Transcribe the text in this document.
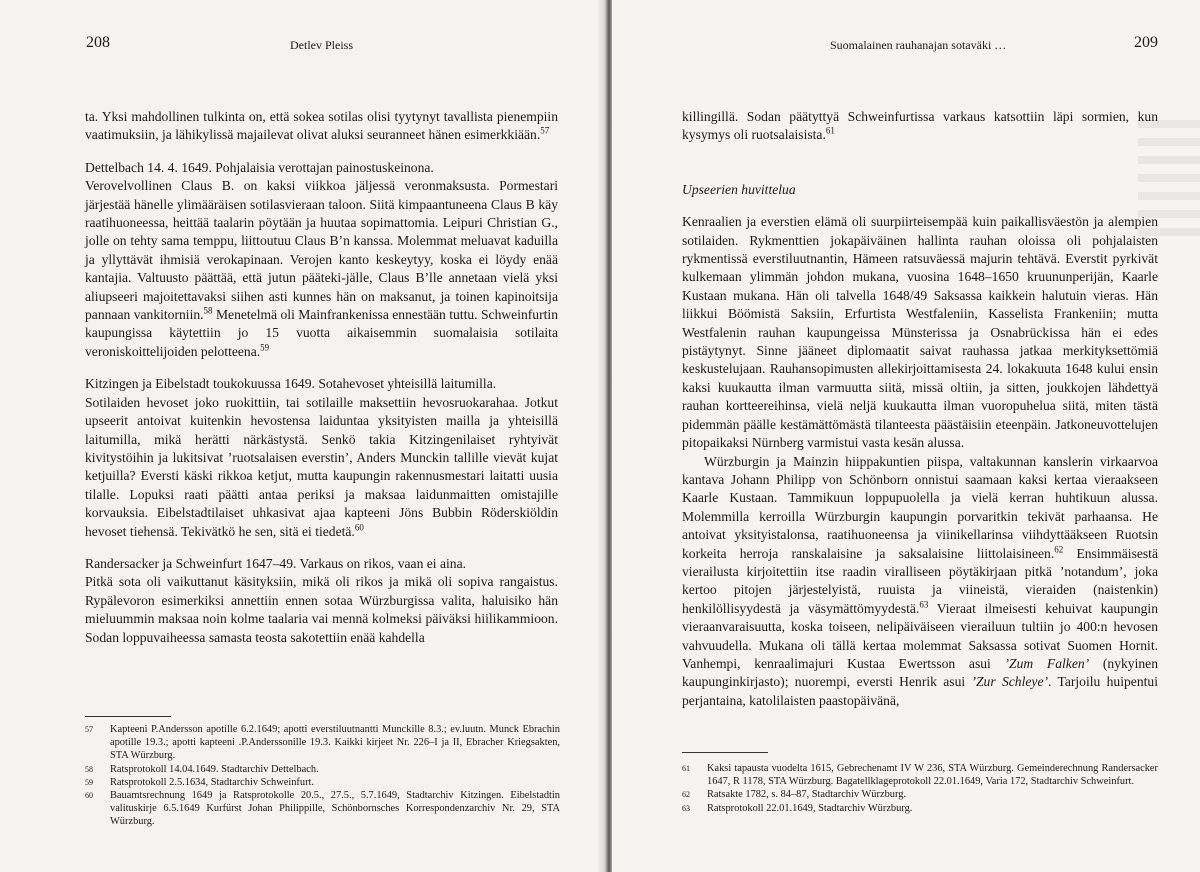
208	Detlev Pleiss

ta. Yksi mahdollinen tulkinta on, että sokea sotilas olisi tyytynyt tavallista pienempiin vaatimuksiin, ja lähikylissä majailevat olivat aluksi seuranneet hänen esimerkkiään.$^{57}$

Dettelbach 14. 4. 1649. Pohjalaisia verottajan painostuskeinona.

Verovelvollinen Claus B. on kaksi viikkoa jäljessä veronmaksusta. Pormestari järjestää hänelle ylimääräisen sotilasvieraan taloon. Siitä kimpaantuneena Claus B käy raatihuoneessa, heittää taalarin pöytään ja huutaa sopimattomia. Leipuri Christian G., jolle on tehty sama temppu, liittoutuu Claus B’n kanssa. Molemmat meluavat kaduilla ja yllyttävät ihmisiä verokapinaan. Verojen kanto keskeytyy, koska ei löydy enää kantajia. Valtuusto päättää, että jutun pääteki-jälle, Claus B’lle annetaan vielä yksi aliupseeri majoitettavaksi siihen asti kunnes hän on maksanut, ja toinen kapinoitsija pannaan vankitorniin.$^{58}$ Menetelmä oli Mainfrankenissa ennestään tuttu. Schweinfurtin kaupungissa käytettiin jo 15 vuotta aikaisemmin suomalaisia sotilaita veroniskoittelijoiden pelotteena.$^{59}$

Kitzingen ja Eibelstadt toukokuussa 1649. Sotahevoset yhteisillä laitumilla.

Sotilaiden hevoset joko ruokittiin, tai sotilaille maksettiin hevosruokarahaa. Jotkut upseerit antoivat kuitenkin hevostensa laiduntaa yksityisten mailla ja yhteisillä laitumilla, mikä herätti närkästystä. Senkö takia Kitzingenilaiset ryhtyivät kivitystöihin ja lukitsivat ’ruotsalaisen everstin’, Anders Munckin tallille vievät kujat ketjuilla? Eversti käski rikkoa ketjut, mutta kaupungin rakennusmestari laitatti uusia tilalle. Lopuksi raati päätti antaa periksi ja maksaa laidunmaitten omistajille korvauksia. Eibelstadtilaiset uhkasivat ajaa kapteeni Jöns Bubbin Röderskiöldin hevoset tiehensä. Tekivätkö he sen, sitä ei tiedetä.$^{60}$

Randersacker ja Schweinfurt 1647–49. Varkaus on rikos, vaan ei aina.

Pitkä sota oli vaikuttanut käsityksiin, mikä oli rikos ja mikä oli sopiva rangaistus. Rypälevoron esimerkiksi annettiin ennen sotaa Würzburgissa valita, haluisiko hän mieluummin maksaa noin kolme taalaria vai mennä kolmeksi päiväksi hiilikammioon. Sodan loppuvaiheessa samasta teosta sakotettiin enää kahdella

57 Kapteeni P.Andersson apotille 6.2.1649; apotti everstiluutnantti Munckille 8.3.; ev.luutn. Munck Ebrachin apotille 19.3.; apotti kapteeni .P.Anderssonille 19.3. Kaikki kirjeet Nr. 226–I ja II, Ebracher Kriegsakten, STA Würzburg.
58 Ratsprotokoll 14.04.1649. Stadtarchiv Dettelbach.
59 Ratsprotokoll 2.5.1634, Stadtarchiv Schweinfurt.
60 Bauamtsrechnung 1649 ja Ratsprotokolle 20.5., 27.5., 5.7.1649, Stadtarchiv Kitzingen. Eibelstadtin valituskirje 6.5.1649 Kurfürst Johan Philippille, Schönbornsches Korrespondenzarchiv Nr. 29, STA Würzburg.
Suomalainen rauhanajan sotaväki …	209

killingillä. Sodan päätyttyä Schweinfurtissa varkaus katsottiin läpi sormien, kun kysymys oli ruotsalaisista.$^{61}$

Upseerien huvittelua

Kenraalien ja everstien elämä oli suurpiirteisempää kuin paikallisväestön ja alempien sotilaiden. Rykmenttien jokapäiväinen hallinta rauhan oloissa oli pohjalaisten rykmentissä everstiluutnantin, Hämeen ratsuväessä majurin tehtävä. Everstit pyrkivät kulkemaan ylimmän johdon mukana, vuosina 1648–1650 kruununperijän, Kaarle Kustaan mukana. Hän oli talvella 1648/49 Saksassa kaikkein halutuin vieras. Hän liikkui Böömistä Saksiin, Erfurtista Westfaleniin, Kasselista Frankeniin; mutta Westfalenin rauhan kaupungeissa Münsterissa ja Osnabrückissa hän ei edes pistäytynyt. Sinne jääneet diplomaatit saivat rauhassa jatkaa merkityksettömiä keskustelujaan. Rauhansopimusten allekirjoittamisesta 24. lokakuuta 1648 kului ensin kaksi kuukautta ilman varmuutta siitä, missä oltiin, ja sitten, joukkojen lähdettyä rauhan kortteereihinsa, vielä neljä kuukautta ilman vuoropuhelua siitä, miten tästä pidemmän päälle kestämättömästä tilanteesta päästäisiin eteenpäin. Jatkoneuvottelujen pitopaikaksi Nürnberg varmistui vasta kesän alussa.

Würzburgin ja Mainzin hiippakuntien piispa, valtakunnan kanslerin virkaarvoa kantava Johann Philipp von Schönborn onnistui saamaan kaksi kertaa vieraakseen Kaarle Kustaan. Tammikuun loppupuolella ja vielä kerran huhtikuun alussa. Molemmilla kerroilla Würzburgin kaupungin porvaritkin tekivät parhaansa. He antoivat yksityistalonsa, raatihuoneensa ja viinikellarinsa viihdyttääkseen Ruotsin korkeita herroja ranskalaisine ja saksalaisine liittolaisineen.$^{62}$ Ensimmäisestä vierailusta kirjoitettiin itse raadin viralliseen pöytäkirjaan pitkä ’notandum’, joka kertoo pitojen järjestelyistä, ruuista ja viineistä, vieraiden (naistenkin) henkilöllisyydestä ja väsymättömyydestä.$^{63}$ Vieraat ilmeisesti kehuivat kaupungin vieraanvaraisuutta, koska toiseen, nelipäiväiseen vierailuun tultiin jo 400:n hevosen vahvuudella. Mukana oli tällä kertaa molemmat Saksassa sotivat Suomen Hornit. Vanhempi, kenraalimajuri Kustaa Ewertsson asui ’Zum Falken’ (nykyinen kaupunginkirjasto); nuorempi, eversti Henrik asui ’Zur Schleye’. Tarjoilu huipentui perjantaina, katolilaisten paastopäivänä,

61 Kaksi tapausta vuodelta 1615, Gebrechenamt IV W 236, STA Würzburg. Gemeinderechnung Randersacker 1647, R 1178, STA Würzburg. Bagatellklageprotokoll 22.01.1649, Varia 172, Stadtarchiv Schweinfurt.
62 Ratsakte 1782, s. 84–87, Stadtarchiv Würzburg.
63 Ratsprotokoll 22.01.1649, Stadtarchiv Würzburg.
